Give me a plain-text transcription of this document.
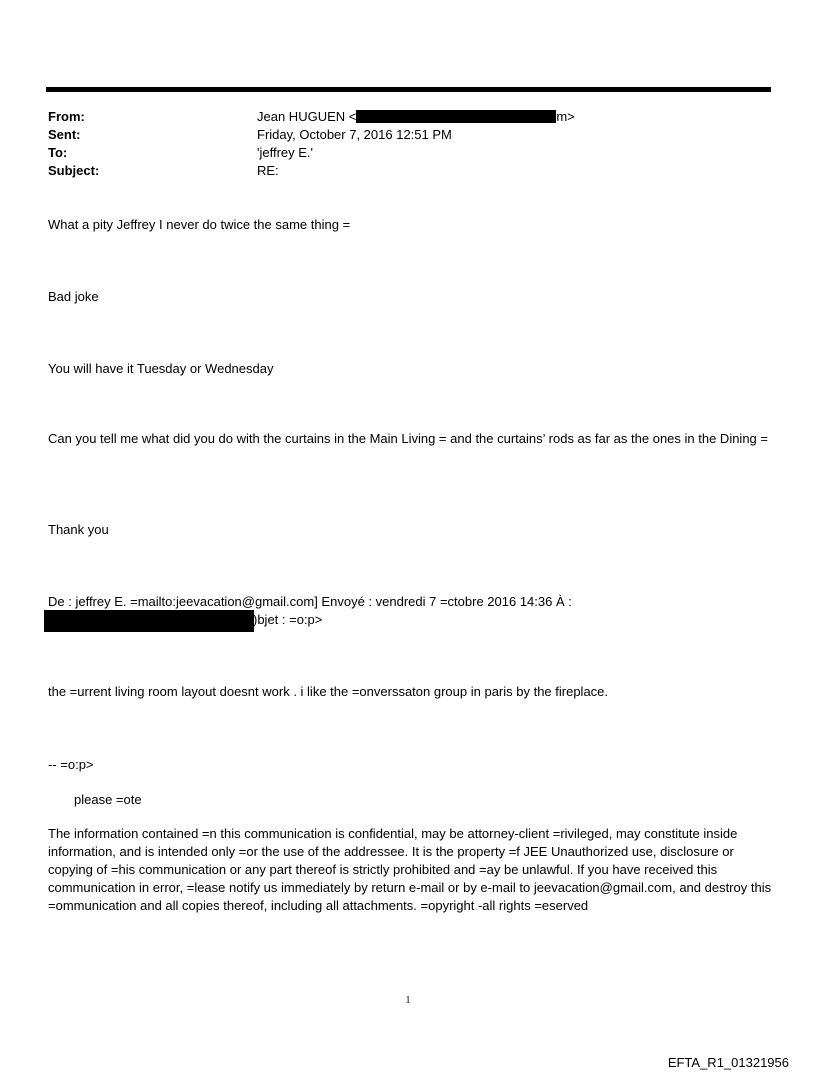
From:	Jean HUGUEN <	m>
Sent:	Friday, October 7, 2016 12:51 PM
To:	'jeffrey E.'
Subject:	RE:
What a pity Jeffrey I never do twice the same thing =
Bad joke
You will have it Tuesday or Wednesday
Can you tell me what did you do with the curtains in the Main Living = and the curtains’ rods as far as the ones in the Dining =
Thank you
De : jeffrey E. =mailto:jeevacation@gmail.com] Envoyé : vendredi 7 =ctobre 2016 14:36 À :
)bjet : =o:p>
the =urrent living room layout doesnt work . i like the =onverssaton group in paris by the fireplace.
-- =o:p>
please =ote
The information contained =n this communication is confidential, may be attorney-client =rivileged, may constitute inside information, and is intended only =or the use of the addressee. It is the property =f JEE Unauthorized use, disclosure or copying of =his communication or any part thereof is strictly prohibited and =ay be unlawful. If you have received this communication in error, =lease notify us immediately by return e-mail or by e-mail to jeevacation@gmail.com, and destroy this =ommunication and all copies thereof, including all attachments. =opyright -all rights =eserved
1
EFTA_R1_01321956
